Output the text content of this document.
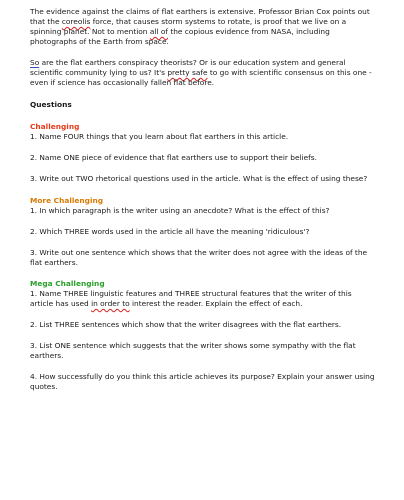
The evidence against the claims of flat earthers is extensive. Professor Brian Cox points out that the coreolis force, that causes storm systems to rotate, is proof that we live on a spinning planet. Not to mention all of the copious evidence from NASA, including photographs of the Earth from space.

So are the flat earthers conspiracy theorists? Or is our education system and general scientific community lying to us? It's pretty safe to go with scientific consensus on this one - even if science has occasionally fallen flat before.

Questions

Challenging

1. Name FOUR things that you learn about flat earthers in this article.

2. Name ONE piece of evidence that flat earthers use to support their beliefs.

3. Write out TWO rhetorical questions used in the article. What is the effect of using these?

More Challenging

1. In which paragraph is the writer using an anecdote? What is the effect of this?

2. Which THREE words used in the article all have the meaning 'ridiculous'?

3. Write out one sentence which shows that the writer does not agree with the ideas of the flat earthers.

Mega Challenging

1. Name THREE linguistic features and THREE structural features that the writer of this article has used in order to interest the reader. Explain the effect of each.

2. List THREE sentences which show that the writer disagrees with the flat earthers.

3. List ONE sentence which suggests that the writer shows some sympathy with the flat earthers.

4. How successfully do you think this article achieves its purpose? Explain your answer using quotes.
